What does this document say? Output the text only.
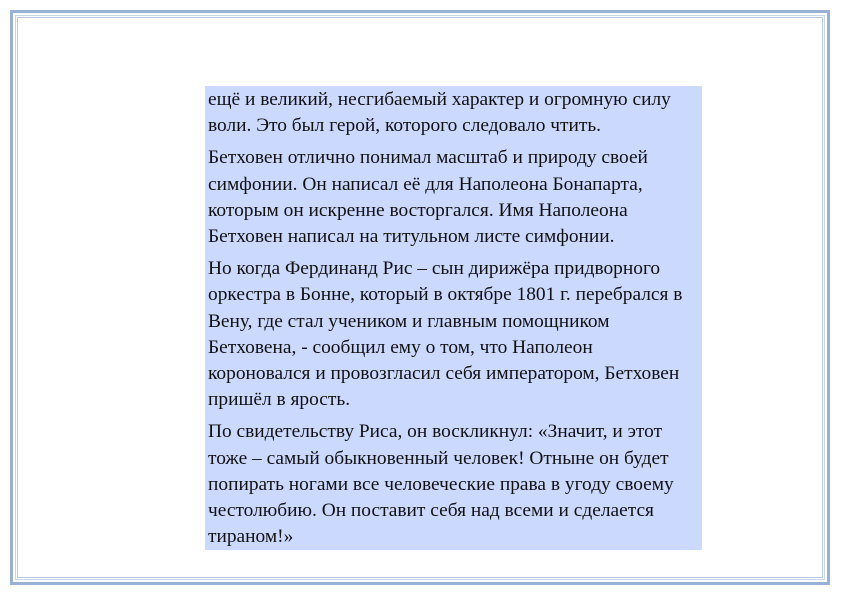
ещё и великий, несгибаемый характер и огромную силу воли. Это был герой, которого следовало чтить.

Бетховен отлично понимал масштаб и природу своей симфонии. Он написал её для Наполеона Бонапарта, которым он искренне восторгался. Имя Наполеона Бетховен написал на титульном листе симфонии.

Но когда Фердинанд Рис – сын дирижёра придворного оркестра в Бонне, который в октябре 1801 г. перебрался в Вену, где стал учеником и главным помощником Бетховена, - сообщил ему о том, что Наполеон короновался и провозгласил себя императором, Бетховен пришёл в ярость.

По свидетельству Риса, он воскликнул: «Значит, и этот тоже – самый обыкновенный человек! Отныне он будет попирать ногами все человеческие права в угоду своему честолюбию. Он поставит себя над всеми и сделается тираном!»
